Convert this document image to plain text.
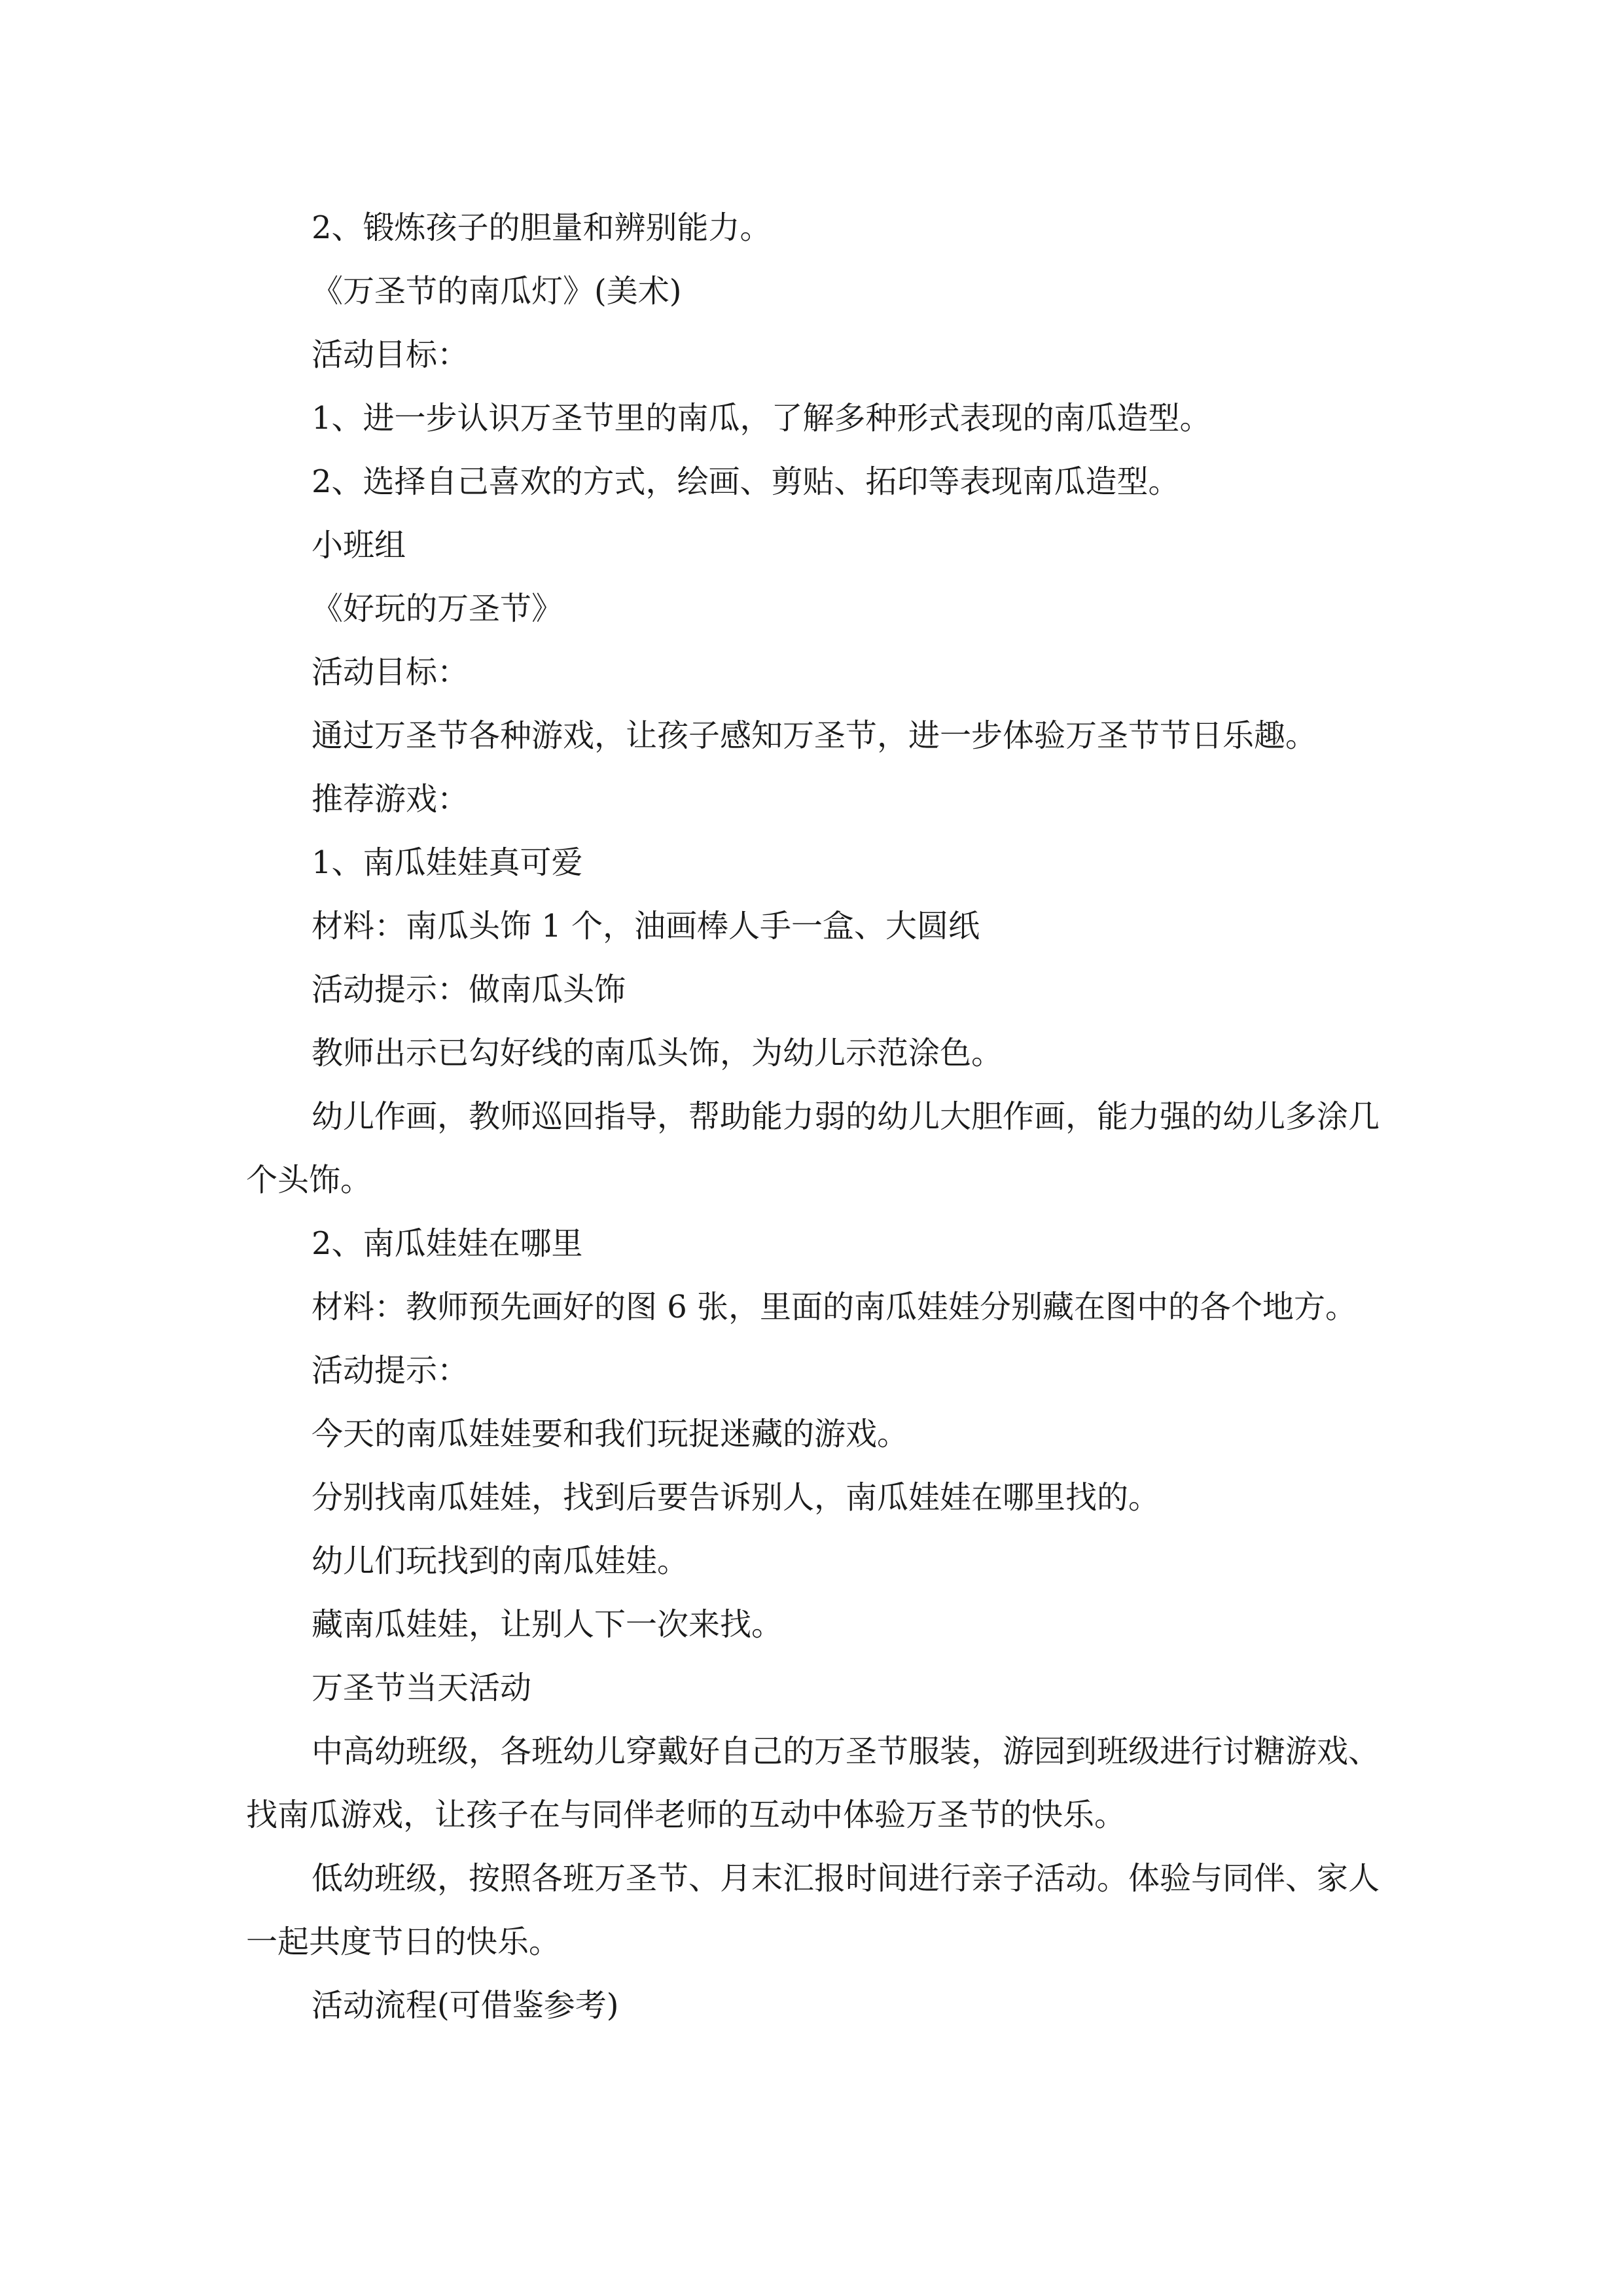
2、锻炼孩子的胆量和辨别能力。

《万圣节的南瓜灯》(美术)

活动目标：

1、进一步认识万圣节里的南瓜，了解多种形式表现的南瓜造型。

2、选择自己喜欢的方式，绘画、剪贴、拓印等表现南瓜造型。

小班组

《好玩的万圣节》

活动目标：

通过万圣节各种游戏，让孩子感知万圣节，进一步体验万圣节节日乐趣。

推荐游戏：

1、南瓜娃娃真可爱

材料：南瓜头饰 1 个，油画棒人手一盒、大圆纸

活动提示：做南瓜头饰

教师出示已勾好线的南瓜头饰，为幼儿示范涂色。

幼儿作画，教师巡回指导，帮助能力弱的幼儿大胆作画，能力强的幼儿多涂几个头饰。

2、南瓜娃娃在哪里

材料：教师预先画好的图 6 张，里面的南瓜娃娃分别藏在图中的各个地方。

活动提示：

今天的南瓜娃娃要和我们玩捉迷藏的游戏。

分别找南瓜娃娃，找到后要告诉别人，南瓜娃娃在哪里找的。

幼儿们玩找到的南瓜娃娃。

藏南瓜娃娃，让别人下一次来找。

万圣节当天活动

中高幼班级，各班幼儿穿戴好自己的万圣节服装，游园到班级进行讨糖游戏、找南瓜游戏，让孩子在与同伴老师的互动中体验万圣节的快乐。

低幼班级，按照各班万圣节、月末汇报时间进行亲子活动。体验与同伴、家人一起共度节日的快乐。

活动流程(可借鉴参考)
